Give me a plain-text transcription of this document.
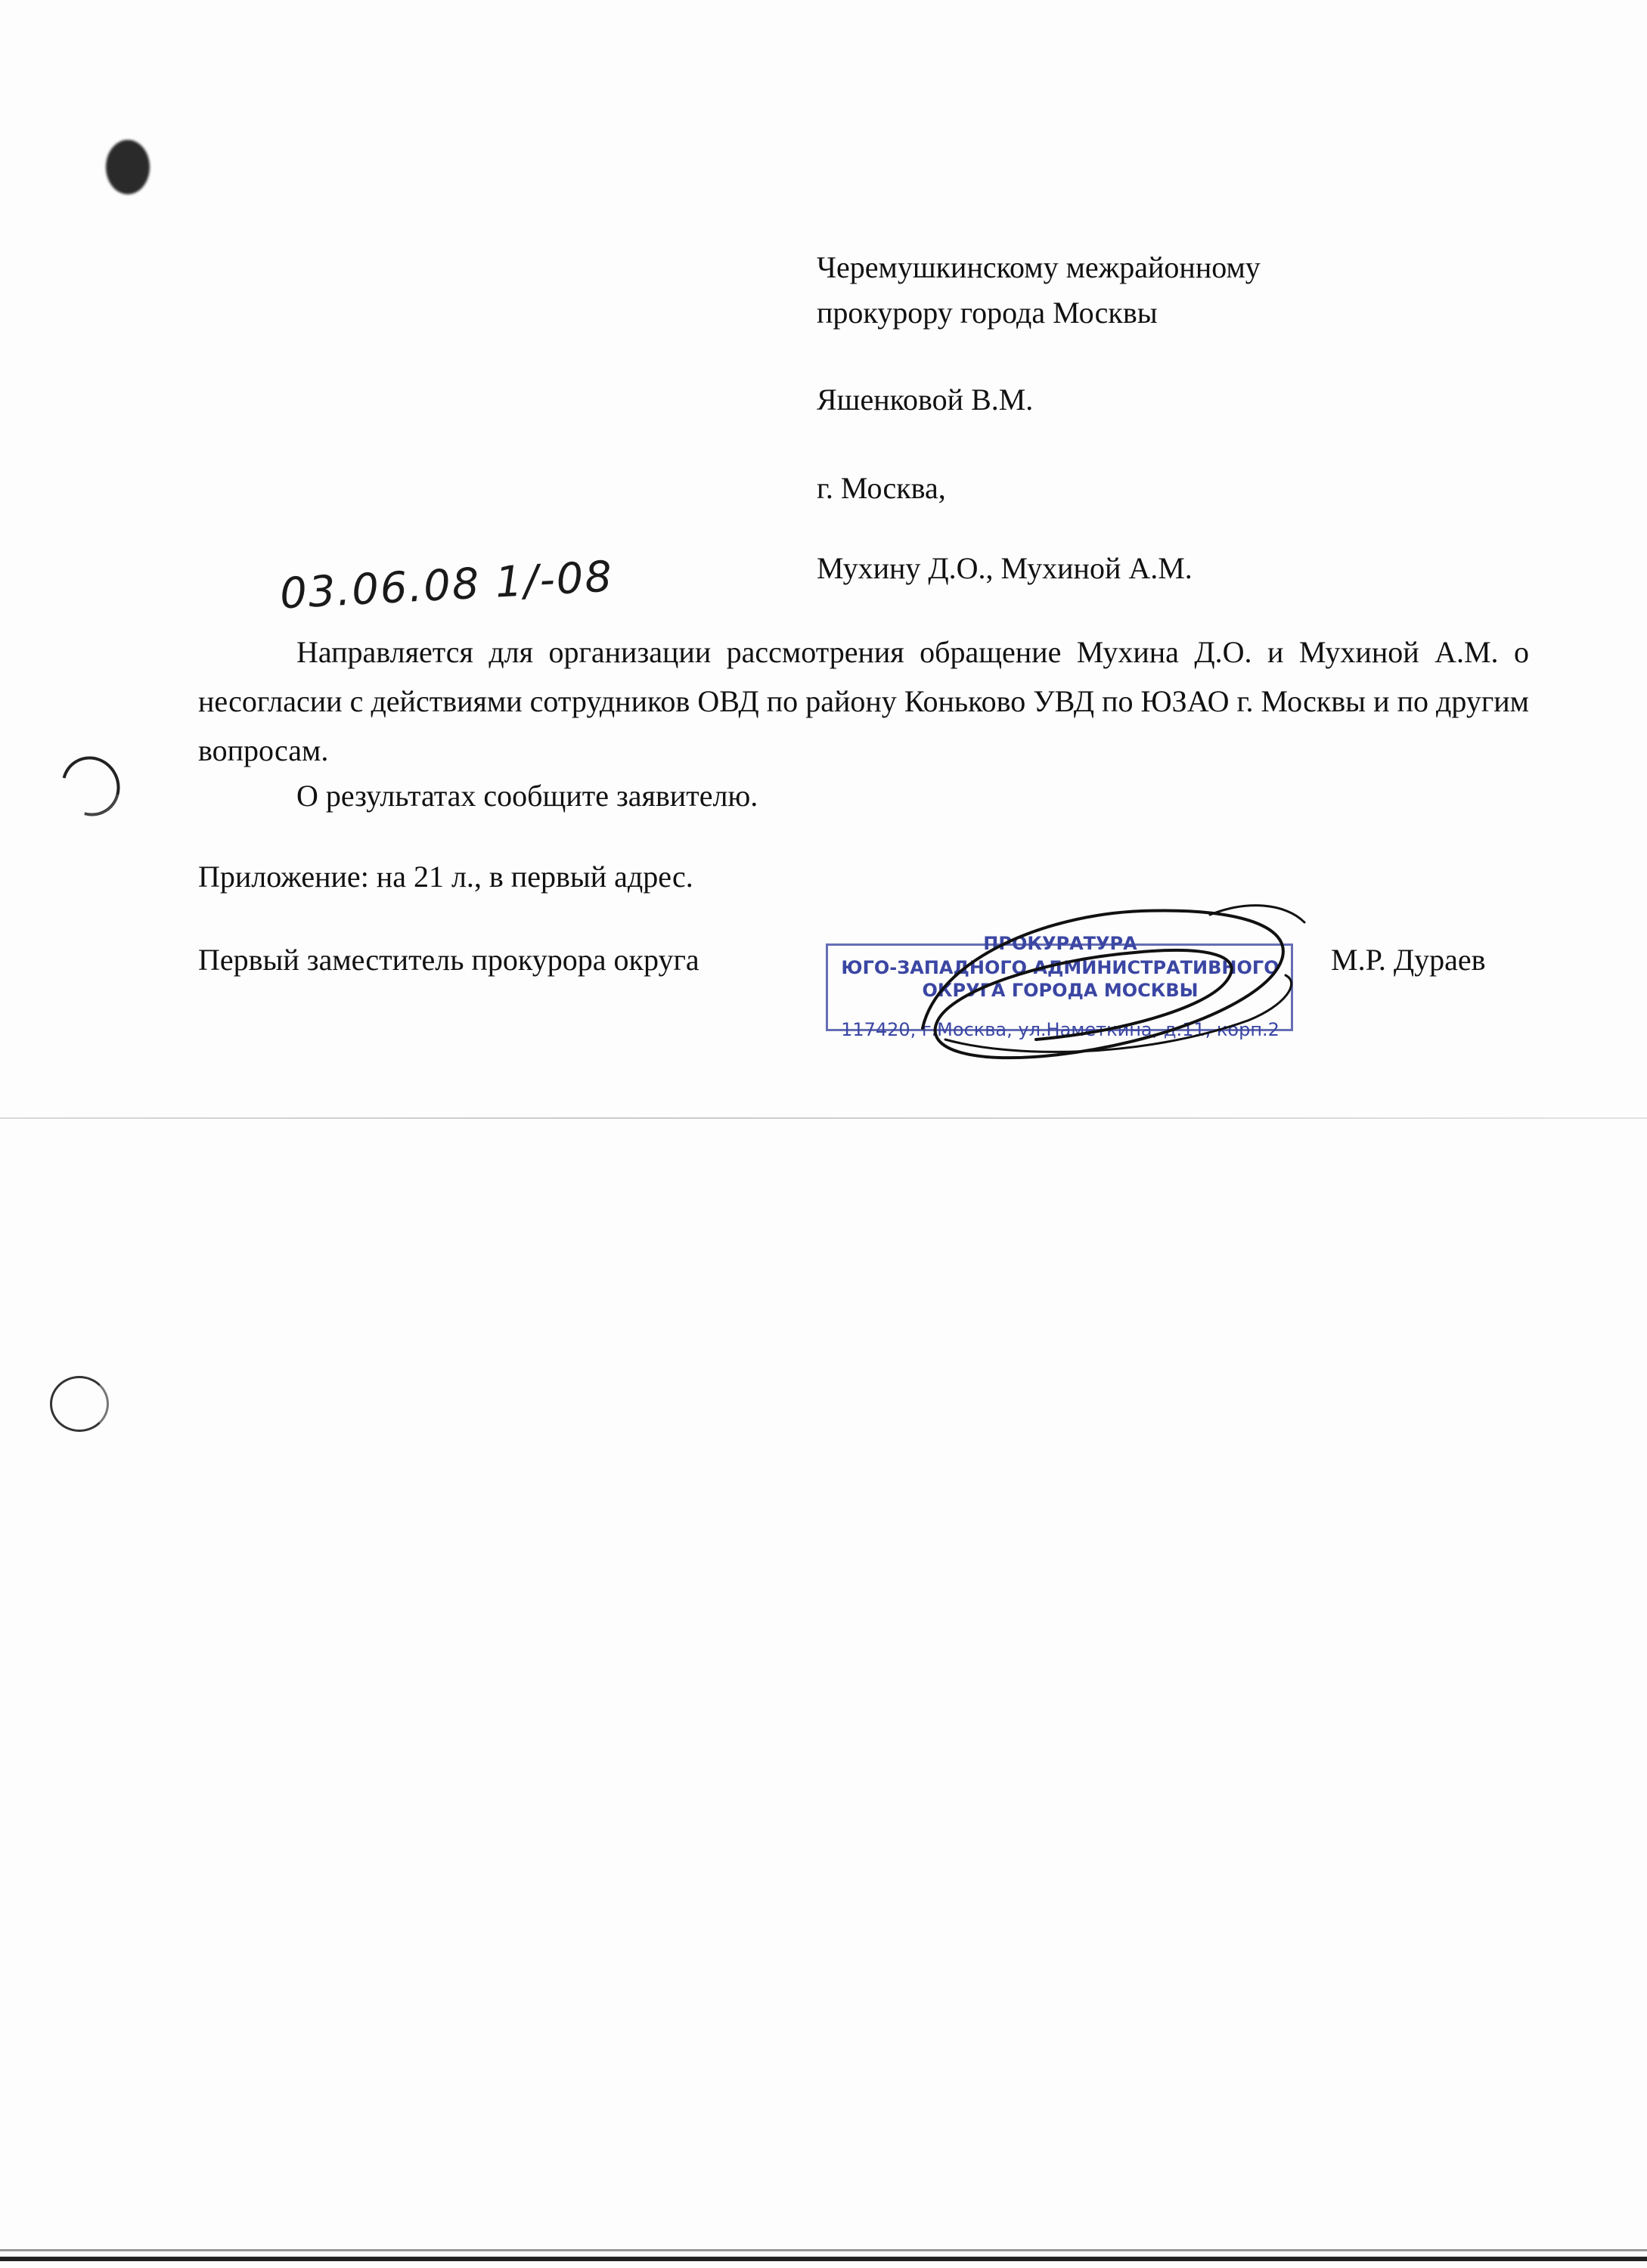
Черемушкинскому межрайонному
прокурору города Москвы
Яшенковой В.М.
г. Москва,
Мухину Д.О., Мухиной А.М.
03.06.08 1/-08
Направляется для организации рассмотрения обращение Мухина Д.О. и Мухиной А.М. о несогласии с действиями сотрудников ОВД по району Коньково УВД по ЮЗАО г. Москвы и по другим вопросам.
О результатах сообщите заявителю.
Приложение: на 21 л., в первый адрес.
Первый заместитель прокурора округа	М.Р. Дураев
ПРОКУРАТУРА
ЮГО-ЗАПАДНОГО АДМИНИСТРАТИВНОГО
ОКРУГА ГОРОДА МОСКВЫ
117420, г.Москва, ул.Наметкина, д.11, корп.2
